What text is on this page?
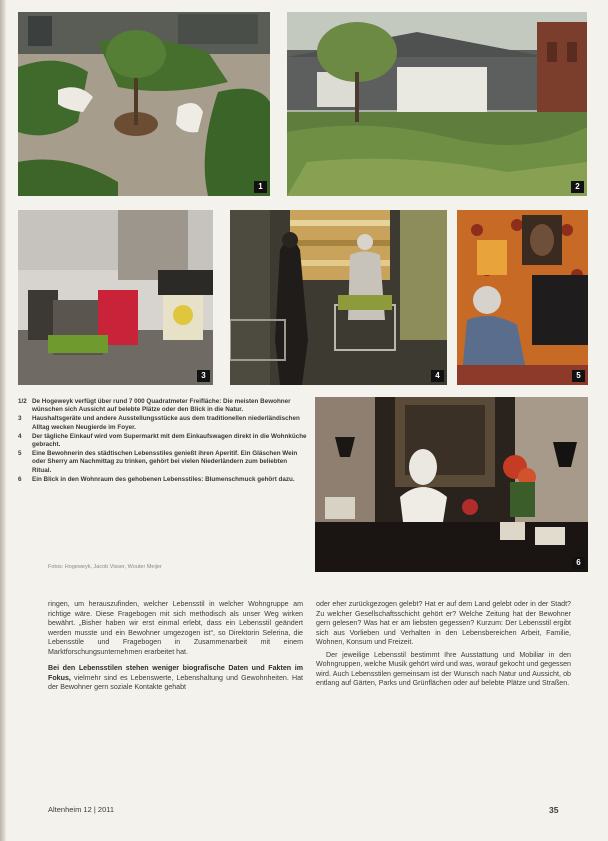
1	2
3	4	5
1/2 De Hogeweyk verfügt über rund 7 000 Quadratmeter Freifläche: Die meisten Bewohner wünschen sich Aussicht auf belebte Plätze oder den Blick in die Natur.
3	Haushaltsgeräte und andere Ausstellungsstücke aus dem traditionellen niederländischen Alltag wecken Neugierde im Foyer.
4	Der tägliche Einkauf wird vom Supermarkt mit dem Einkaufswagen direkt in die Wohnküche gebracht.
5	Eine Bewohnerin des städtischen Lebensstiles genießt ihren Aperitif. Ein Gläschen Wein oder Sherry am Nachmittag zu trinken, gehört bei vielen Niederländern zum beliebten Ritual.
6	Ein Blick in den Wohnraum des gehobenen Lebensstiles: Blumenschmuck gehört dazu.
Fotos: Hogeweyk, Jacob Visser, Wouter Meijer	6

ringen, um herauszufinden, welcher Lebensstil in welcher Wohngruppe am richtige wäre. Diese Fragebogen mit sich methodisch als unser Weg wirken bewährt. „Bisher haben wir erst einmal erlebt, dass ein Lebensstil geändert werden musste und ein Bewohner umgezogen ist“, so Direktorin Selerina, die Lebensstile und Fragebogen in Zusammenarbeit mit einem Marktforschungsunternehmen erarbeitet hat.

Bei den Lebensstilen stehen weniger biografische Daten und Fakten im Fokus, vielmehr sind es Lebenswerte, Lebenshaltung und Gewohnheiten. Hat der Bewohner gern soziale Kontakte gehabt

oder eher zurückgezogen gelebt? Hat er auf dem Land gelebt oder in der Stadt? Zu welcher Gesellschaftsschicht gehört er? Welche Zeitung hat der Bewohner gern gelesen? Was hat er am liebsten gegessen? Kurzum: Der Lebensstil ergibt sich aus Vorlieben und Verhalten in den Lebensbereichen Arbeit, Familie, Wohnen, Konsum und Freizeit.

Der jeweilige Lebensstil bestimmt Ihre Ausstattung und Mobiliar in den Wohngruppen, welche Musik gehört wird und was, worauf gekocht und gegessen wird. Auch Lebensstilen gemeinsam ist der Wunsch nach Natur und Aussicht, ob entlang auf Gärten, Parks und Grünflächen oder auf belebte Plätze und Straßen.

Altenheim 12 | 2011	35
